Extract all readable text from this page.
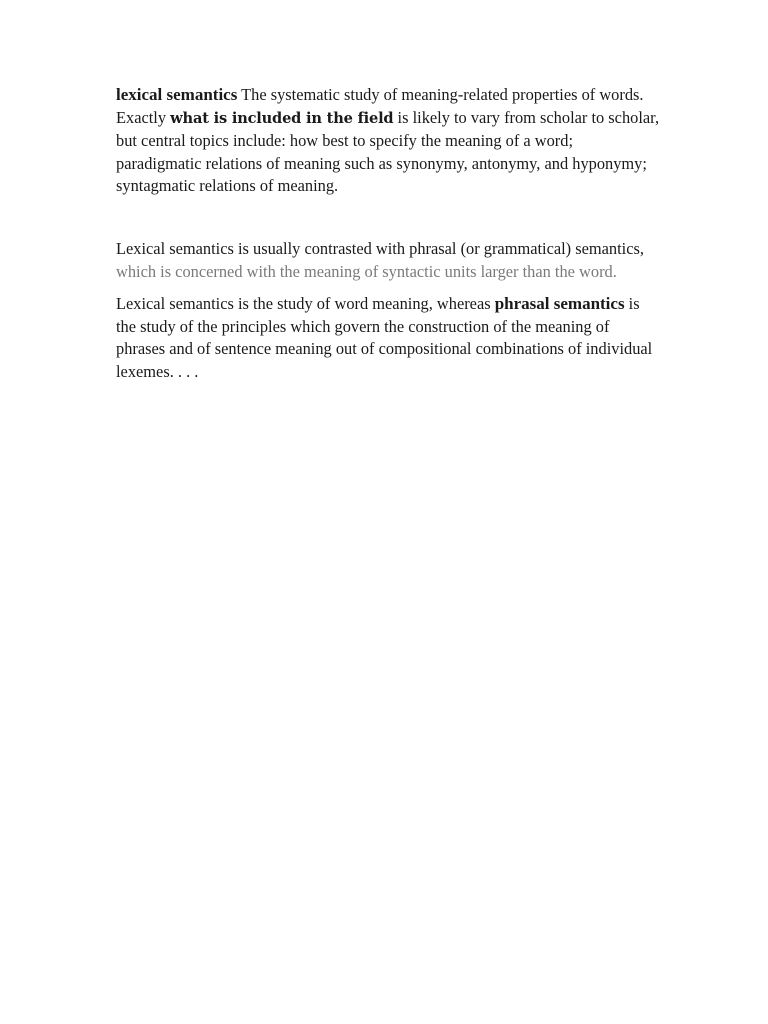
lexical semantics The systematic study of meaning-related properties of words. Exactly what is included in the field is likely to vary from scholar to scholar, but central topics include: how best to specify the meaning of a word; paradigmatic relations of meaning such as synonymy, antonymy, and hyponymy; syntagmatic relations of meaning.

Lexical semantics is usually contrasted with phrasal (or grammatical) semantics, which is concerned with the meaning of syntactic units larger than the word.

Lexical semantics is the study of word meaning, whereas phrasal semantics is the study of the principles which govern the construction of the meaning of phrases and of sentence meaning out of compositional combinations of individual lexemes. . . .
